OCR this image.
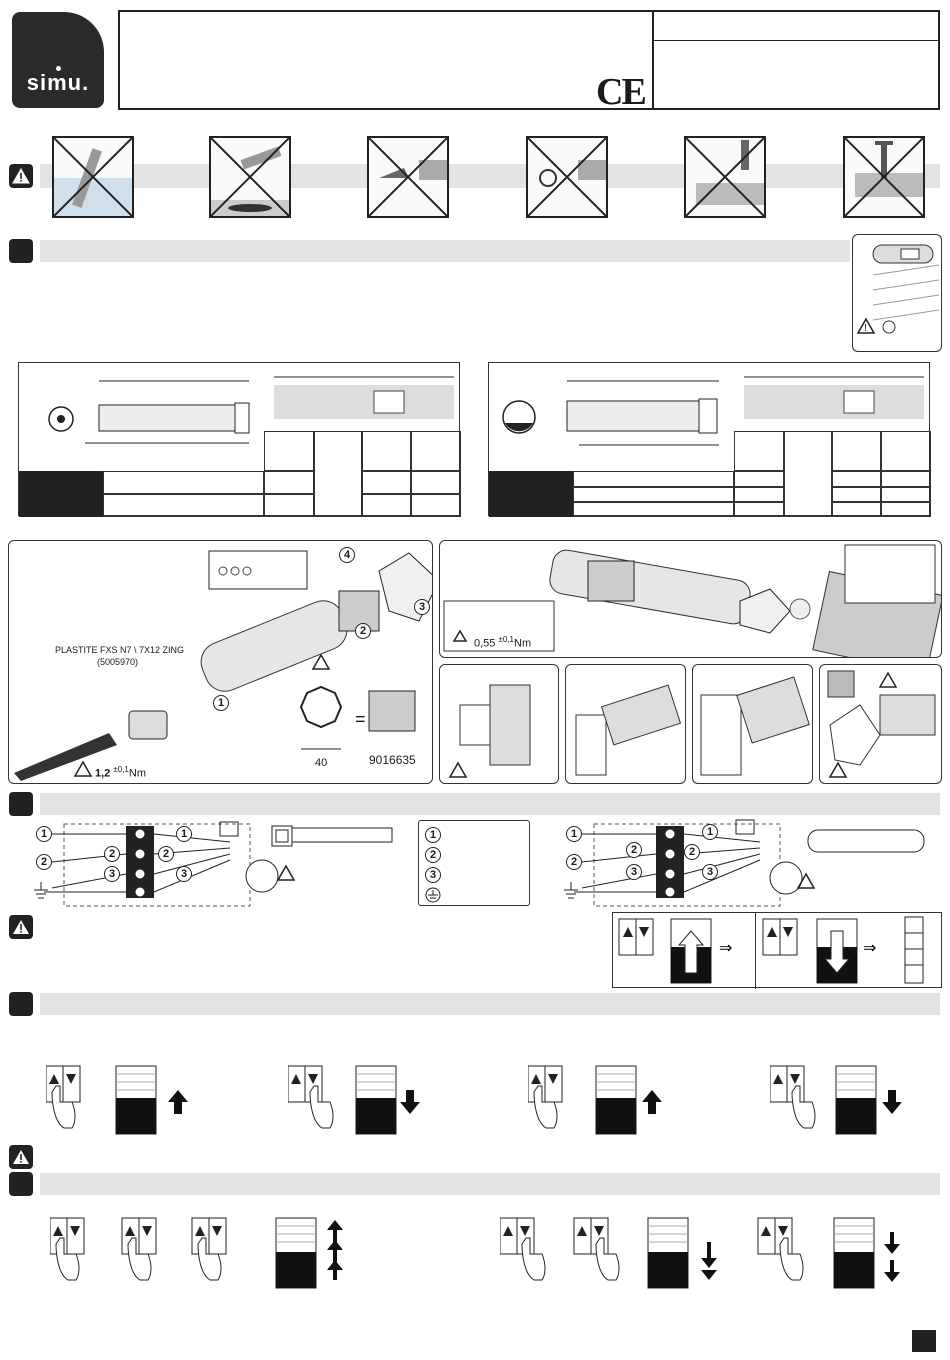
simu.	CE
!
PLASTITE FXS N7 \ 7X12 ZING
(5005970)
1
2
3
4
1,2 $^{\pm 0,1}$Nm
40
=
9016635
0,55 $^{\pm 0,1}$Nm
1
2
2
3
1
2
3
1
2
3
1
2
2
3
1
2
3
⇒	⇒
